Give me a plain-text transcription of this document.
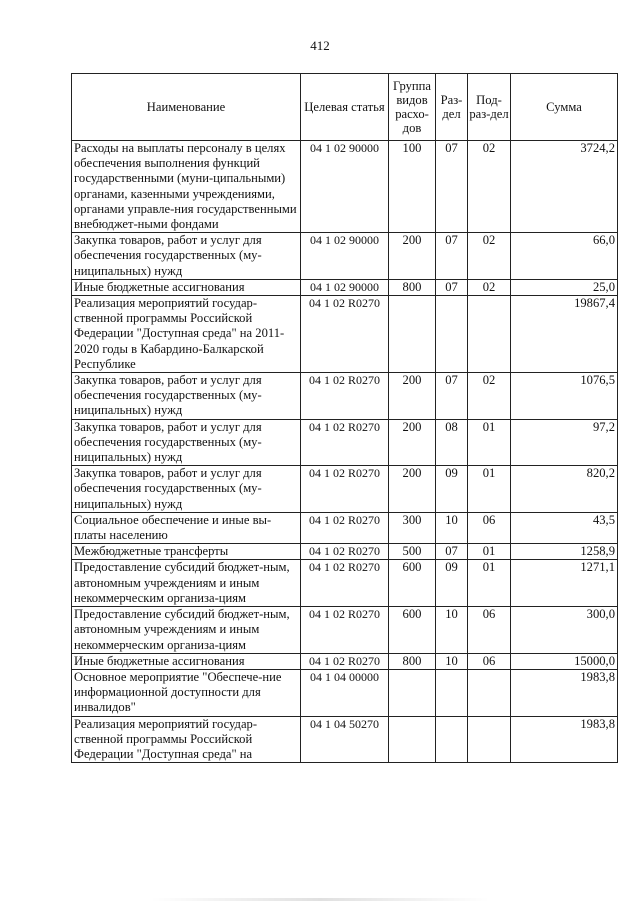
412
Наименование	Целевая статья	Группа видов расхо-дов	Раз-дел	Под-раз-дел	Сумма
Расходы на выплаты персоналу в целях обеспечения выполнения функций государственными (муни-ципальными) органами, казенными учреждениями, органами управле-ния государственными внебюджет-ными фондами	04 1 02 90000	100	07	02	3724,2
Закупка товаров, работ и услуг для обеспечения государственных (му-ниципальных) нужд	04 1 02 90000	200	07	02	66,0
Иные бюджетные ассигнования	04 1 02 90000	800	07	02	25,0
Реализация мероприятий государ-ственной программы Российской Федерации "Доступная среда" на 2011-2020 годы в Кабардино-Балкарской Республике	04 1 02 R0270				19867,4
Закупка товаров, работ и услуг для обеспечения государственных (му-ниципальных) нужд	04 1 02 R0270	200	07	02	1076,5
Закупка товаров, работ и услуг для обеспечения государственных (му-ниципальных) нужд	04 1 02 R0270	200	08	01	97,2
Закупка товаров, работ и услуг для обеспечения государственных (му-ниципальных) нужд	04 1 02 R0270	200	09	01	820,2
Социальное обеспечение и иные вы-платы населению	04 1 02 R0270	300	10	06	43,5
Межбюджетные трансферты	04 1 02 R0270	500	07	01	1258,9
Предоставление субсидий бюджет-ным, автономным учреждениям и иным некоммерческим организа-циям	04 1 02 R0270	600	09	01	1271,1
Предоставление субсидий бюджет-ным, автономным учреждениям и иным некоммерческим организа-циям	04 1 02 R0270	600	10	06	300,0
Иные бюджетные ассигнования	04 1 02 R0270	800	10	06	15000,0
Основное мероприятие "Обеспече-ние информационной доступности для инвалидов"	04 1 04 00000				1983,8
Реализация мероприятий государ-ственной программы Российской Федерации "Доступная среда" на	04 1 04 50270				1983,8
